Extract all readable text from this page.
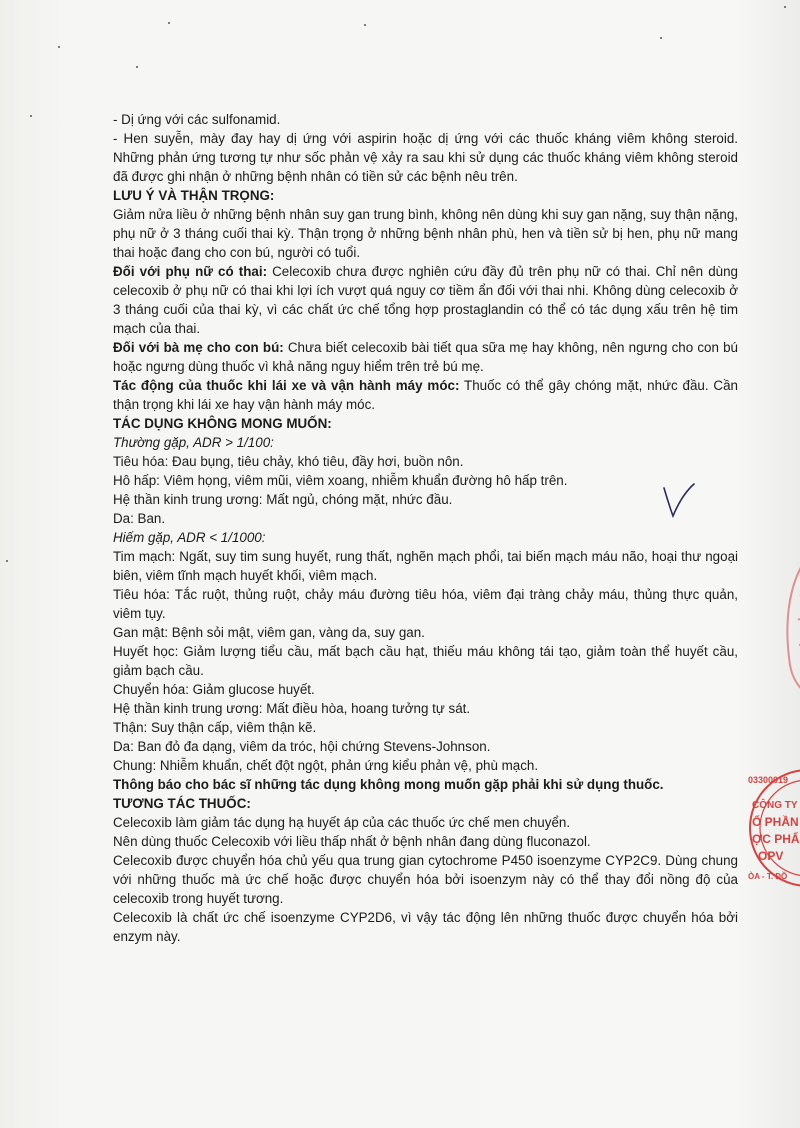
- Dị ứng với các sulfonamid.

- Hen suyễn, mày đay hay dị ứng với aspirin hoặc dị ứng với các thuốc kháng viêm không steroid. Những phản ứng tương tự như sốc phản vệ xảy ra sau khi sử dụng các thuốc kháng viêm không steroid đã được ghi nhận ở những bệnh nhân có tiền sử các bệnh nêu trên.

LƯU Ý VÀ THẬN TRỌNG:

Giảm nửa liều ở những bệnh nhân suy gan trung bình, không nên dùng khi suy gan nặng, suy thận nặng, phụ nữ ở 3 tháng cuối thai kỳ. Thận trọng ở những bệnh nhân phù, hen và tiền sử bị hen, phụ nữ mang thai hoặc đang cho con bú, người có tuổi.

Đối với phụ nữ có thai: Celecoxib chưa được nghiên cứu đầy đủ trên phụ nữ có thai. Chỉ nên dùng celecoxib ở phụ nữ có thai khi lợi ích vượt quá nguy cơ tiềm ẩn đối với thai nhi. Không dùng celecoxib ở 3 tháng cuối của thai kỳ, vì các chất ức chế tổng hợp prostaglandin có thể có tác dụng xấu trên hệ tim mạch của thai.

Đối với bà mẹ cho con bú: Chưa biết celecoxib bài tiết qua sữa mẹ hay không, nên ngưng cho con bú hoặc ngưng dùng thuốc vì khả năng nguy hiểm trên trẻ bú mẹ.

Tác động của thuốc khi lái xe và vận hành máy móc: Thuốc có thể gây chóng mặt, nhức đầu. Cần thận trọng khi lái xe hay vận hành máy móc.

TÁC DỤNG KHÔNG MONG MUỐN:

Thường gặp, ADR > 1/100:

Tiêu hóa: Đau bụng, tiêu chảy, khó tiêu, đầy hơi, buồn nôn.

Hô hấp: Viêm họng, viêm mũi, viêm xoang, nhiễm khuẩn đường hô hấp trên.

Hệ thần kinh trung ương: Mất ngủ, chóng mặt, nhức đầu.

Da: Ban.

Hiếm gặp, ADR < 1/1000:

Tim mạch: Ngất, suy tim sung huyết, rung thất, nghẽn mạch phổi, tai biến mạch máu não, hoại thư ngoại biên, viêm tĩnh mạch huyết khối, viêm mạch.

Tiêu hóa: Tắc ruột, thủng ruột, chảy máu đường tiêu hóa, viêm đại tràng chảy máu, thủng thực quản, viêm tụy.

Gan mật: Bệnh sỏi mật, viêm gan, vàng da, suy gan.

Huyết học: Giảm lượng tiểu cầu, mất bạch cầu hạt, thiếu máu không tái tạo, giảm toàn thể huyết cầu, giảm bạch cầu.

Chuyển hóa: Giảm glucose huyết.

Hệ thần kinh trung ương: Mất điều hòa, hoang tưởng tự sát.

Thận: Suy thận cấp, viêm thận kẽ.

Da: Ban đỏ đa dạng, viêm da tróc, hội chứng Stevens-Johnson.

Chung: Nhiễm khuẩn, chết đột ngột, phản ứng kiểu phản vệ, phù mạch.

Thông báo cho bác sĩ những tác dụng không mong muốn gặp phải khi sử dụng thuốc.

TƯƠNG TÁC THUỐC:

Celecoxib làm giảm tác dụng hạ huyết áp của các thuốc ức chế men chuyển.

Nên dùng thuốc Celecoxib với liều thấp nhất ở bệnh nhân đang dùng fluconazol.

Celecoxib được chuyển hóa chủ yếu qua trung gian cytochrome P450 isoenzyme CYP2C9. Dùng chung với những thuốc mà ức chế hoặc được chuyển hóa bởi isoenzym này có thể thay đổi nồng độ của celecoxib trong huyết tương.

Celecoxib là chất ức chế isoenzyme CYP2D6, vì vậy tác động lên những thuốc được chuyển hóa bởi enzym này.

03300019
CÔNG TY
Ổ PHẦN
ỢC PHẨ
OPV
ÒA - T. ĐỒ
